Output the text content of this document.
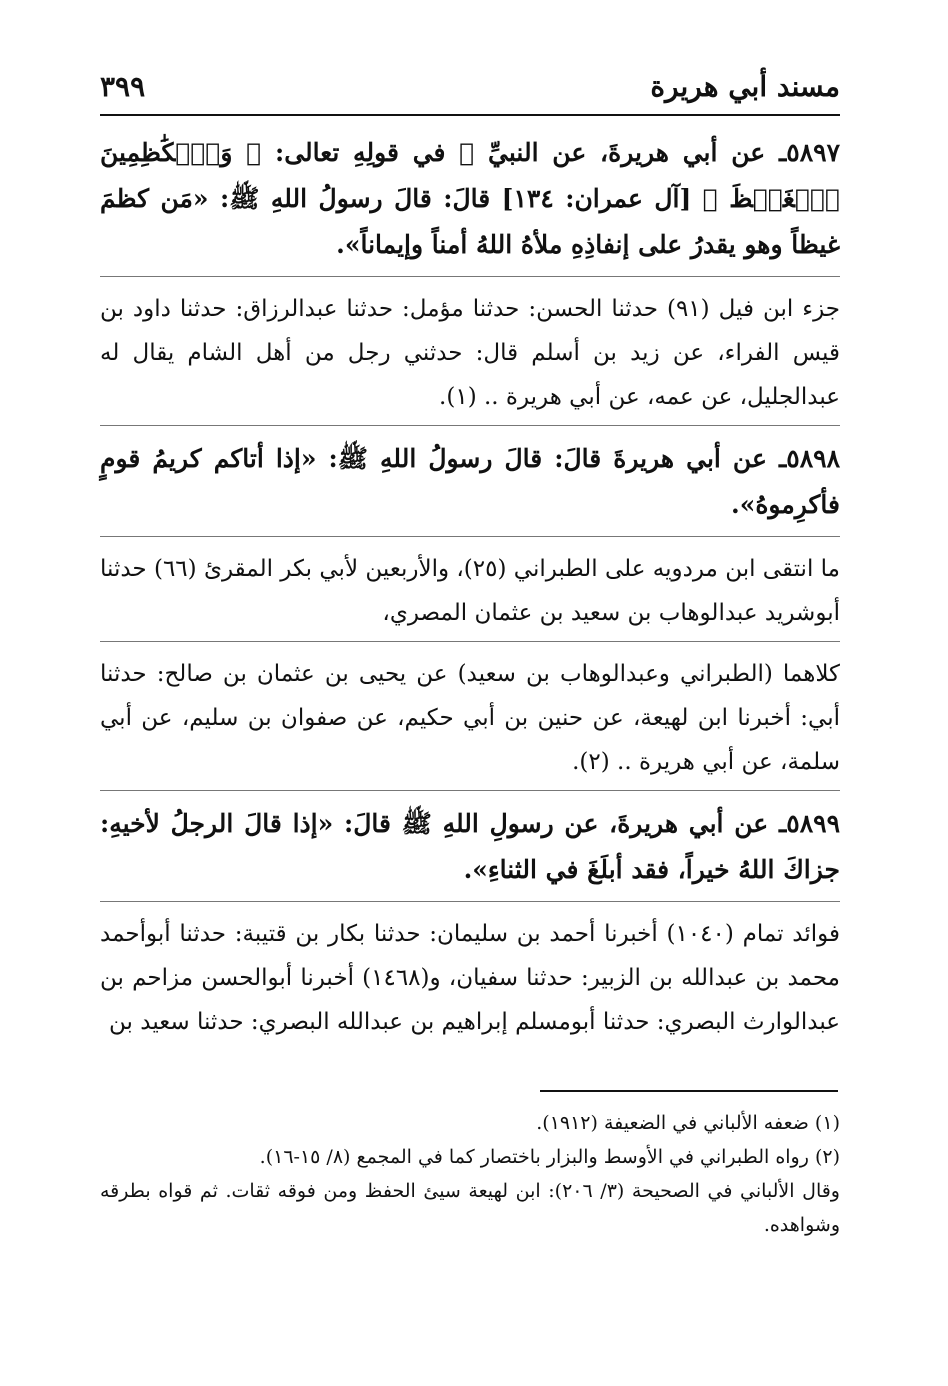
مسند أبي هريرة
٣٩٩

٥٨٩٧ـ عن أبي هريرةَ، عن النبيِّ ﷺ في قولِهِ تعالى: ﴿ وَٱلۡكَٰظِمِينَ ٱلۡغَيۡظَ ﴾ [آل عمران: ١٣٤] قالَ: قالَ رسولُ اللهِ ﷺ: «مَن كظمَ غيظاً وهو يقدرُ على إنفاذِهِ ملأهُ اللهُ أمناً وإيماناً».

جزء ابن فيل (٩١) حدثنا الحسن: حدثنا مؤمل: حدثنا عبدالرزاق: حدثنا داود بن قيس الفراء، عن زيد بن أسلم قال: حدثني رجل من أهل الشام يقال له عبدالجليل، عن عمه، عن أبي هريرة .. (١).

٥٨٩٨ـ عن أبي هريرةَ قالَ: قالَ رسولُ اللهِ ﷺ: «إذا أتاكم كريمُ قومٍ فأكرِموهُ».

ما انتقى ابن مردويه على الطبراني (٢٥)، والأربعين لأبي بكر المقرئ (٦٦) حدثنا أبوشريد عبدالوهاب بن سعيد بن عثمان المصري،

كلاهما (الطبراني وعبدالوهاب بن سعيد) عن يحيى بن عثمان بن صالح: حدثنا أبي: أخبرنا ابن لهيعة، عن حنين بن أبي حكيم، عن صفوان بن سليم، عن أبي سلمة، عن أبي هريرة .. (٢).

٥٨٩٩ـ عن أبي هريرةَ، عن رسولِ اللهِ ﷺ قالَ: «إذا قالَ الرجلُ لأخيهِ: جزاكَ اللهُ خيراً، فقد أبلَغَ في الثناءِ».

فوائد تمام (١٠٤٠) أخبرنا أحمد بن سليمان: حدثنا بكار بن قتيبة: حدثنا أبوأحمد محمد بن عبدالله بن الزبير: حدثنا سفيان، و(١٤٦٨) أخبرنا أبوالحسن مزاحم بن عبدالوارث البصري: حدثنا أبومسلم إبراهيم بن عبدالله البصري: حدثنا سعيد بن

(١) ضعفه الألباني في الضعيفة (١٩١٢).

(٢) رواه الطبراني في الأوسط والبزار باختصار كما في المجمع (٨/ ١٥-١٦).

وقال الألباني في الصحيحة (٣/ ٢٠٦): ابن لهيعة سيئ الحفظ ومن فوقه ثقات. ثم قواه بطرقه وشواهده.
